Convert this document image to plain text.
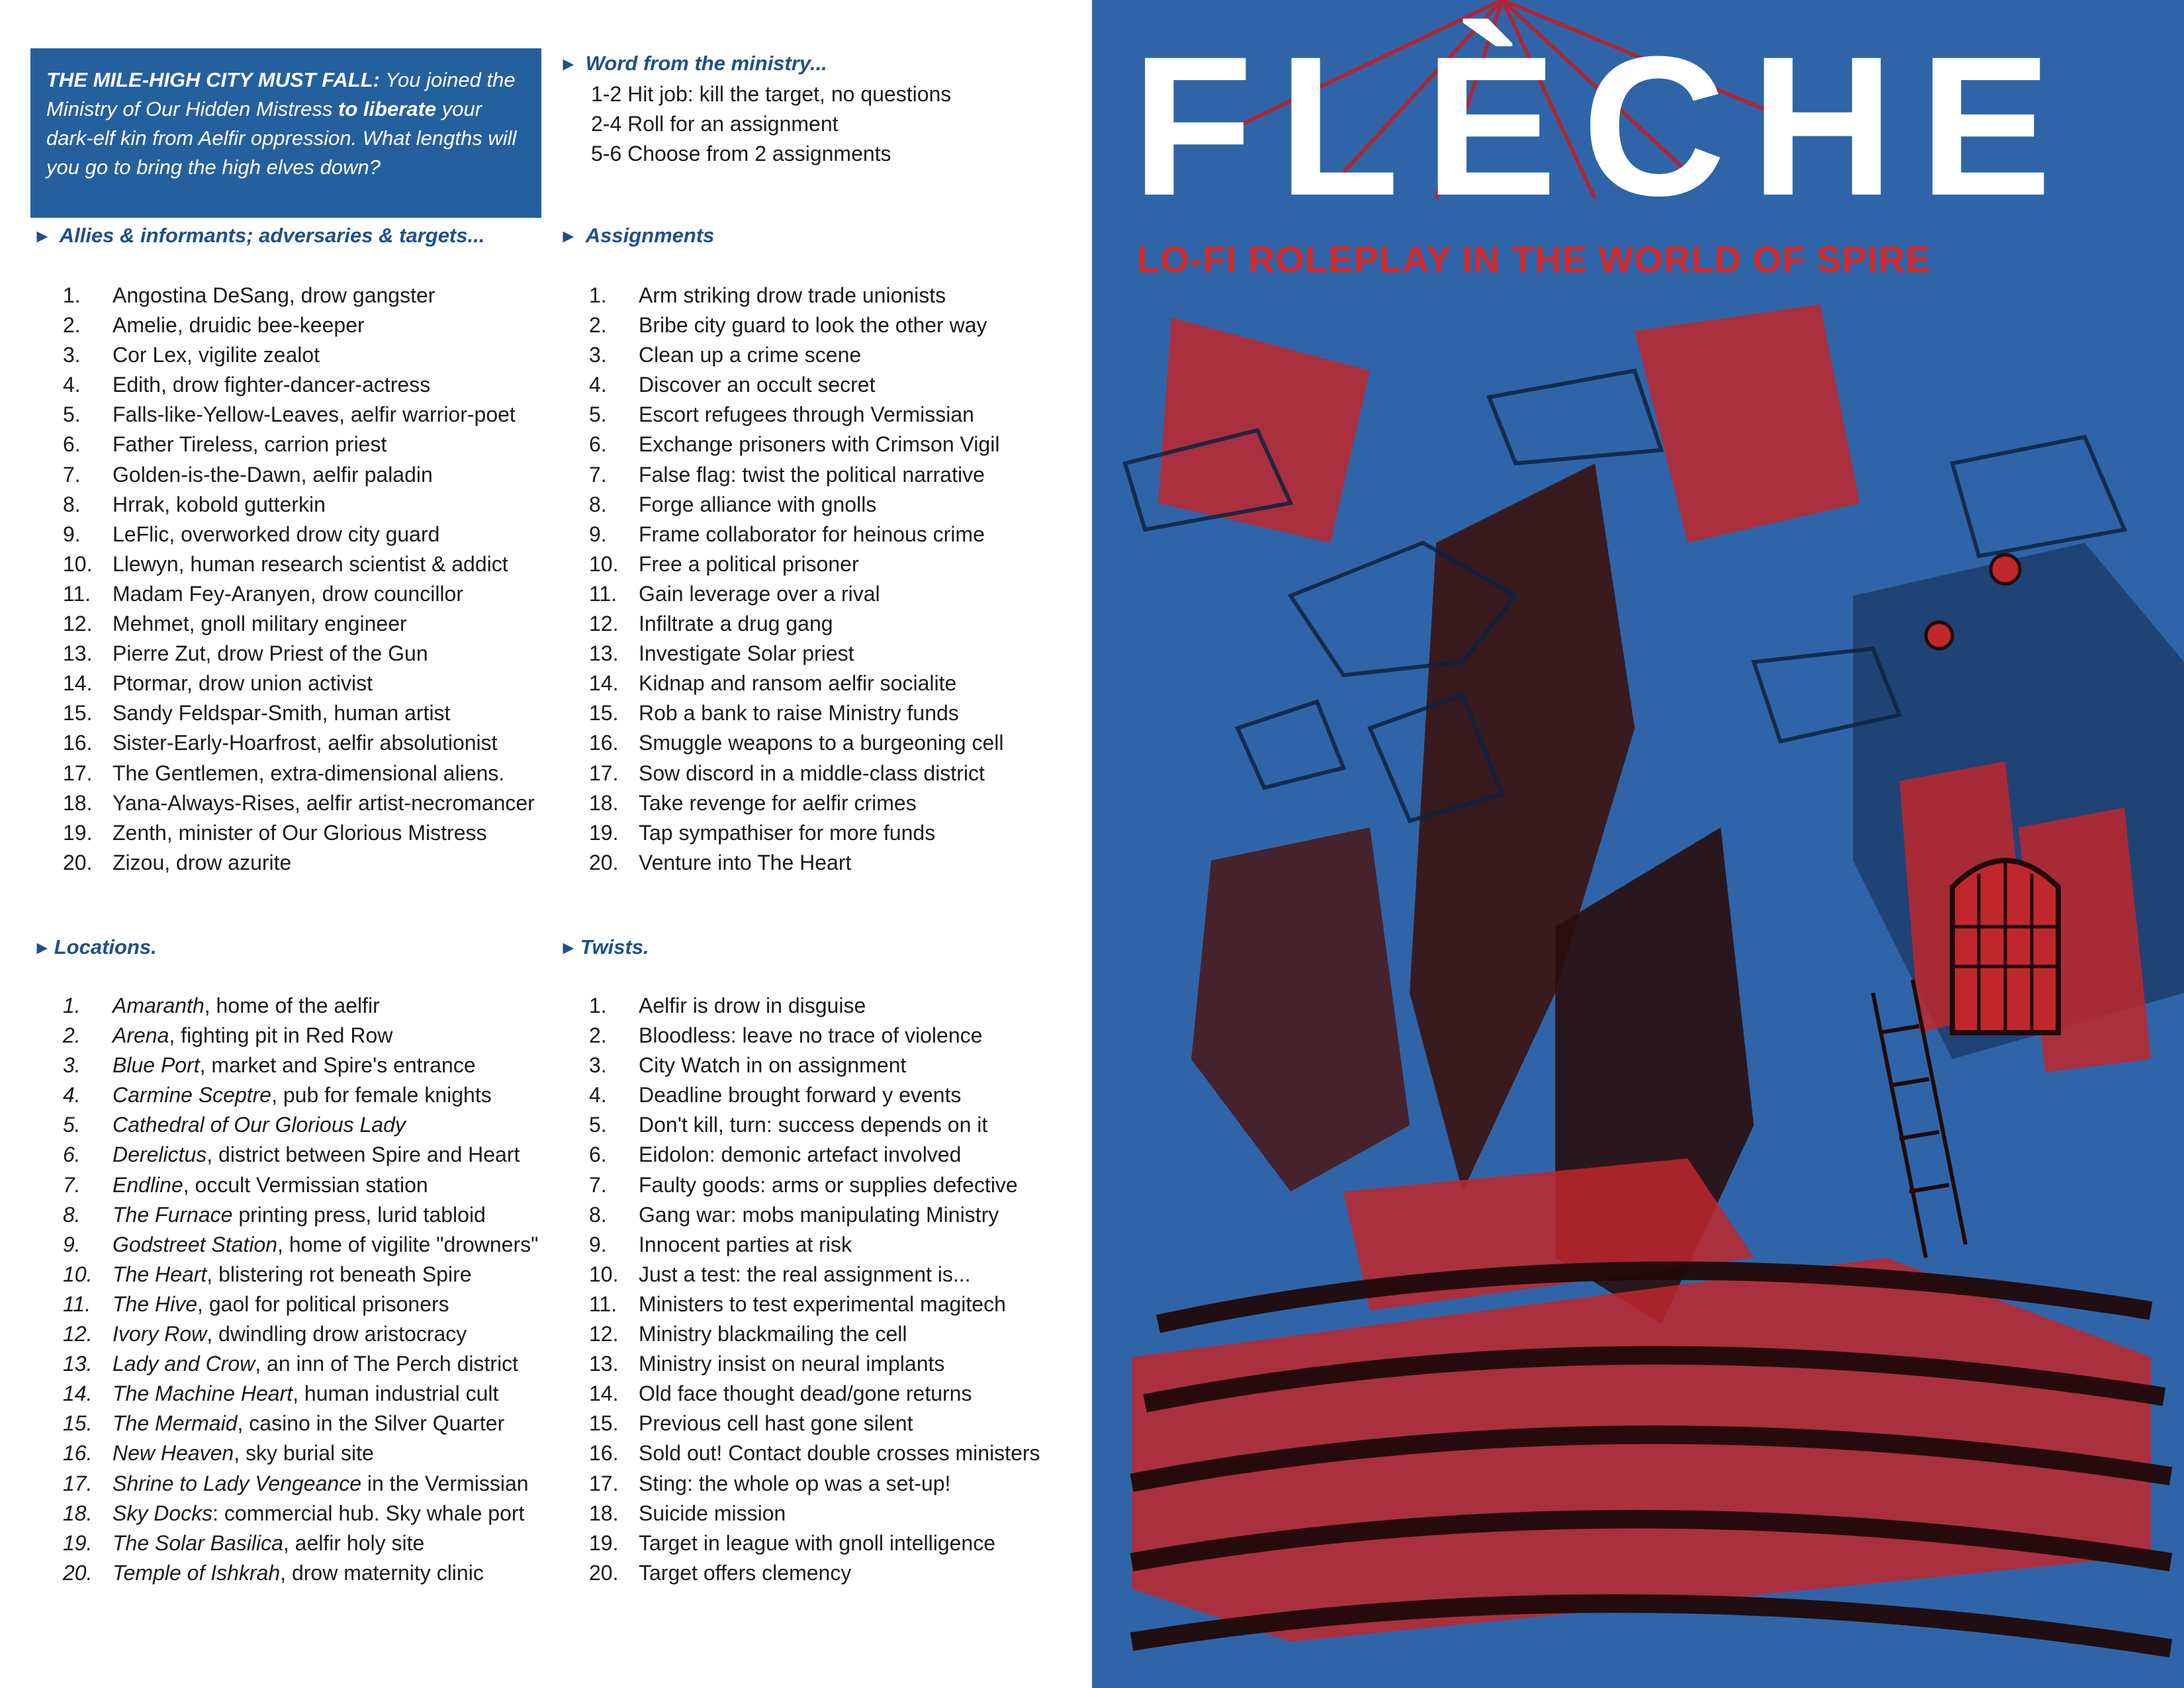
THE MILE-HIGH CITY MUST FALL: You joined the Ministry of Our Hidden Mistress to liberate your dark-elf kin from Aelfir oppression. What lengths will you go to bring the high elves down?
► Word from the ministry...
1-2 Hit job: kill the target, no questions
2-4 Roll for an assignment
5-6 Choose from 2 assignments
► Allies & informants; adversaries & targets...
1. Angostina DeSang, drow gangster
2. Amelie, druidic bee-keeper
3. Cor Lex, vigilite zealot
4. Edith, drow fighter-dancer-actress
5. Falls-like-Yellow-Leaves, aelfir warrior-poet
6. Father Tireless, carrion priest
7. Golden-is-the-Dawn, aelfir paladin
8. Hrrak, kobold gutterkin
9. LeFlic, overworked drow city guard
10. Llewyn, human research scientist & addict
11. Madam Fey-Aranyen, drow councillor
12. Mehmet, gnoll military engineer
13. Pierre Zut, drow Priest of the Gun
14. Ptormar, drow union activist
15. Sandy Feldspar-Smith, human artist
16. Sister-Early-Hoarfrost, aelfir absolutionist
17. The Gentlemen, extra-dimensional aliens.
18. Yana-Always-Rises, aelfir artist-necromancer
19. Zenth, minister of Our Glorious Mistress
20. Zizou, drow azurite
► Assignments
1. Arm striking drow trade unionists
2. Bribe city guard to look the other way
3. Clean up a crime scene
4. Discover an occult secret
5. Escort refugees through Vermissian
6. Exchange prisoners with Crimson Vigil
7. False flag: twist the political narrative
8. Forge alliance with gnolls
9. Frame collaborator for heinous crime
10. Free a political prisoner
11. Gain leverage over a rival
12. Infiltrate a drug gang
13. Investigate Solar priest
14. Kidnap and ransom aelfir socialite
15. Rob a bank to raise Ministry funds
16. Smuggle weapons to a burgeoning cell
17. Sow discord in a middle-class district
18. Take revenge for aelfir crimes
19. Tap sympathiser for more funds
20. Venture into The Heart
► Locations.
1. Amaranth, home of the aelfir
2. Arena, fighting pit in Red Row
3. Blue Port, market and Spire's entrance
4. Carmine Sceptre, pub for female knights
5. Cathedral of Our Glorious Lady
6. Derelictus, district between Spire and Heart
7. Endline, occult Vermissian station
8. The Furnace printing press, lurid tabloid
9. Godstreet Station, home of vigilite "drowners"
10. The Heart, blistering rot beneath Spire
11. The Hive, gaol for political prisoners
12. Ivory Row, dwindling drow aristocracy
13. Lady and Crow, an inn of The Perch district
14. The Machine Heart, human industrial cult
15. The Mermaid, casino in the Silver Quarter
16. New Heaven, sky burial site
17. Shrine to Lady Vengeance in the Vermissian
18. Sky Docks: commercial hub. Sky whale port
19. The Solar Basilica, aelfir holy site
20. Temple of Ishkrah, drow maternity clinic
► Twists.
1. Aelfir is drow in disguise
2. Bloodless: leave no trace of violence
3. City Watch in on assignment
4. Deadline brought forward y events
5. Don't kill, turn: success depends on it
6. Eidolon: demonic artefact involved
7. Faulty goods: arms or supplies defective
8. Gang war: mobs manipulating Ministry
9. Innocent parties at risk
10. Just a test: the real assignment is...
11. Ministers to test experimental magitech
12. Ministry blackmailing the cell
13. Ministry insist on neural implants
14. Old face thought dead/gone returns
15. Previous cell hast gone silent
16. Sold out! Contact double crosses ministers
17. Sting: the whole op was a set-up!
18. Suicide mission
19. Target in league with gnoll intelligence
20. Target offers clemency
FLÈCHE
LO-FI ROLEPLAY IN THE WORLD OF SPIRE
